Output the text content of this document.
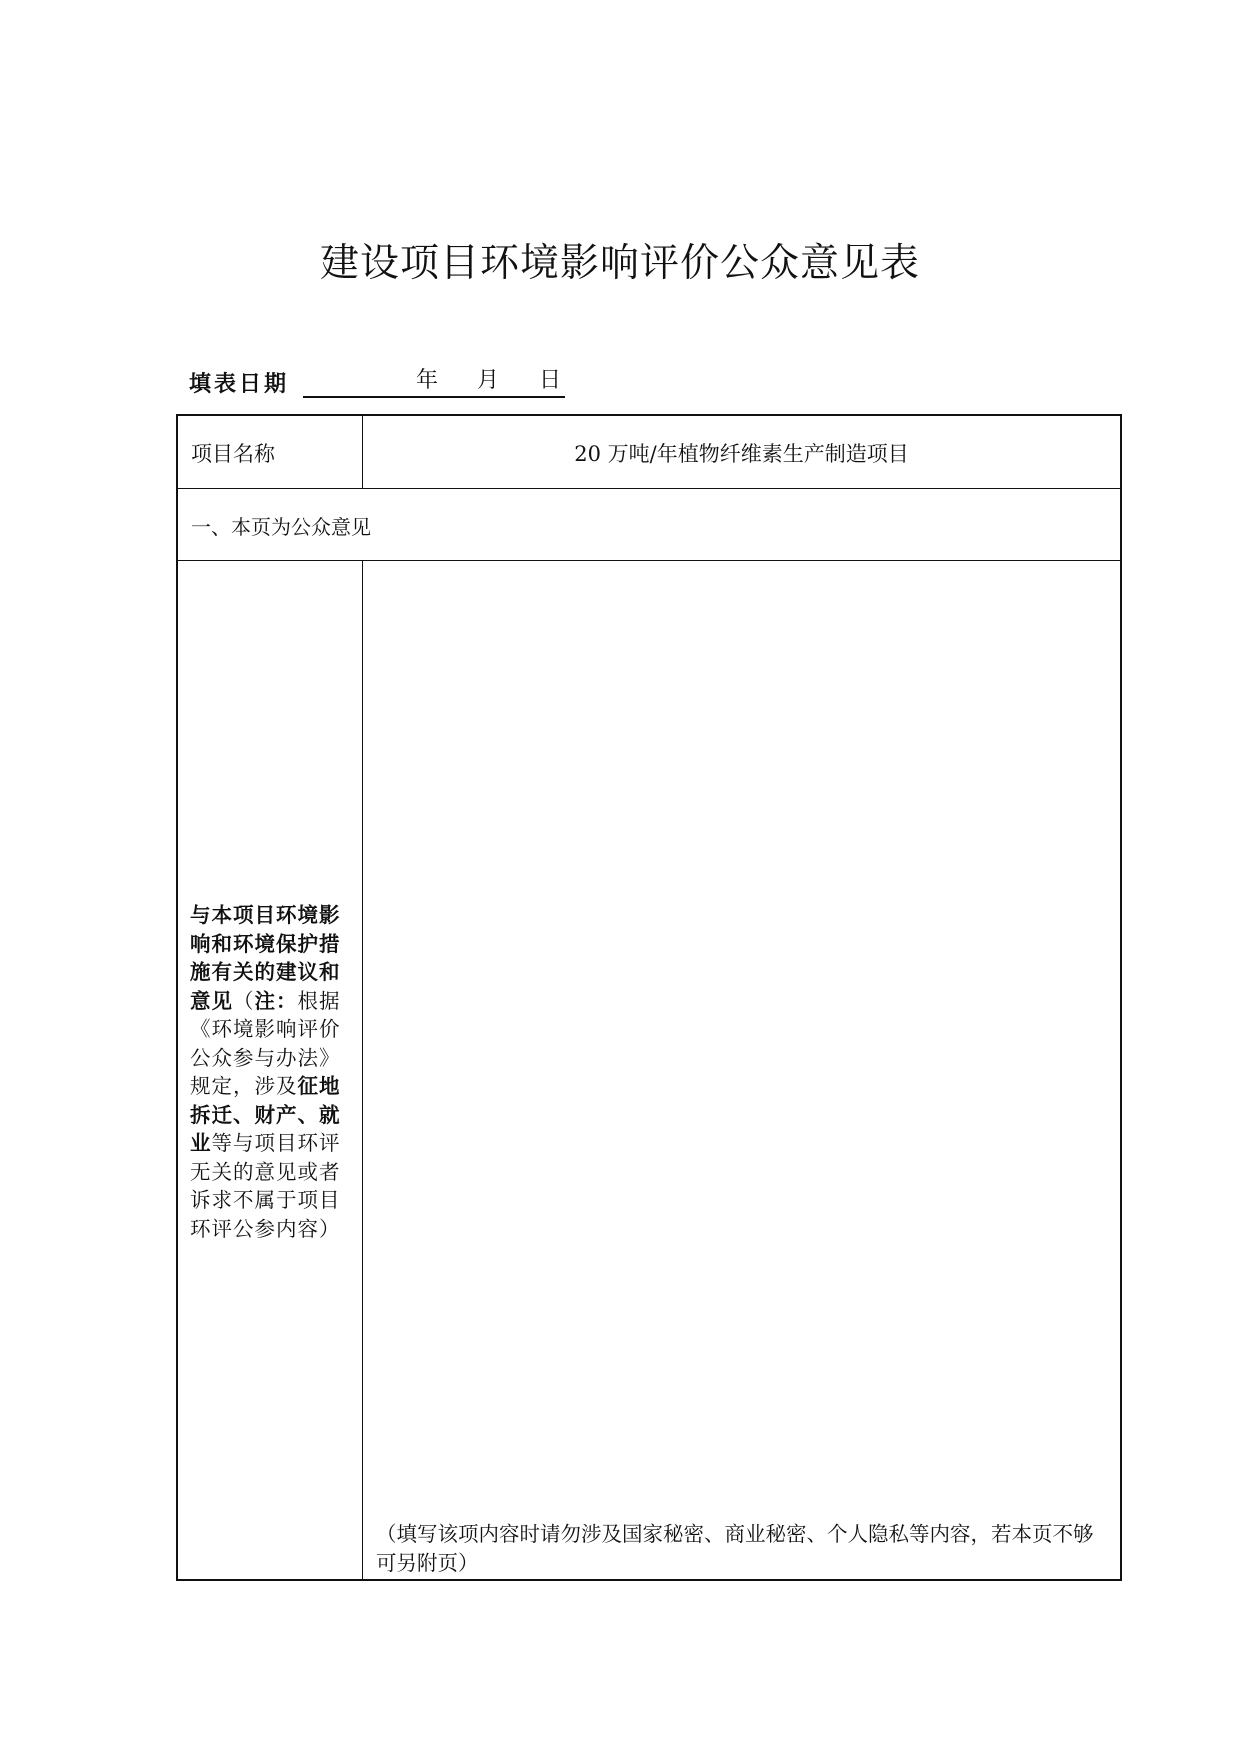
建设项目环境影响评价公众意见表
填表日期	年 月 日
项目名称	20 万吨/年植物纤维素生产制造项目
一、本页为公众意见
与本项目环境影响和环境保护措施有关的建议和意见（注：根据《环境影响评价公众参与办法》规定，涉及征地拆迁、财产、就业等与项目环评无关的意见或者诉求不属于项目环评公参内容）
（填写该项内容时请勿涉及国家秘密、商业秘密、个人隐私等内容，若本页不够可另附页）
